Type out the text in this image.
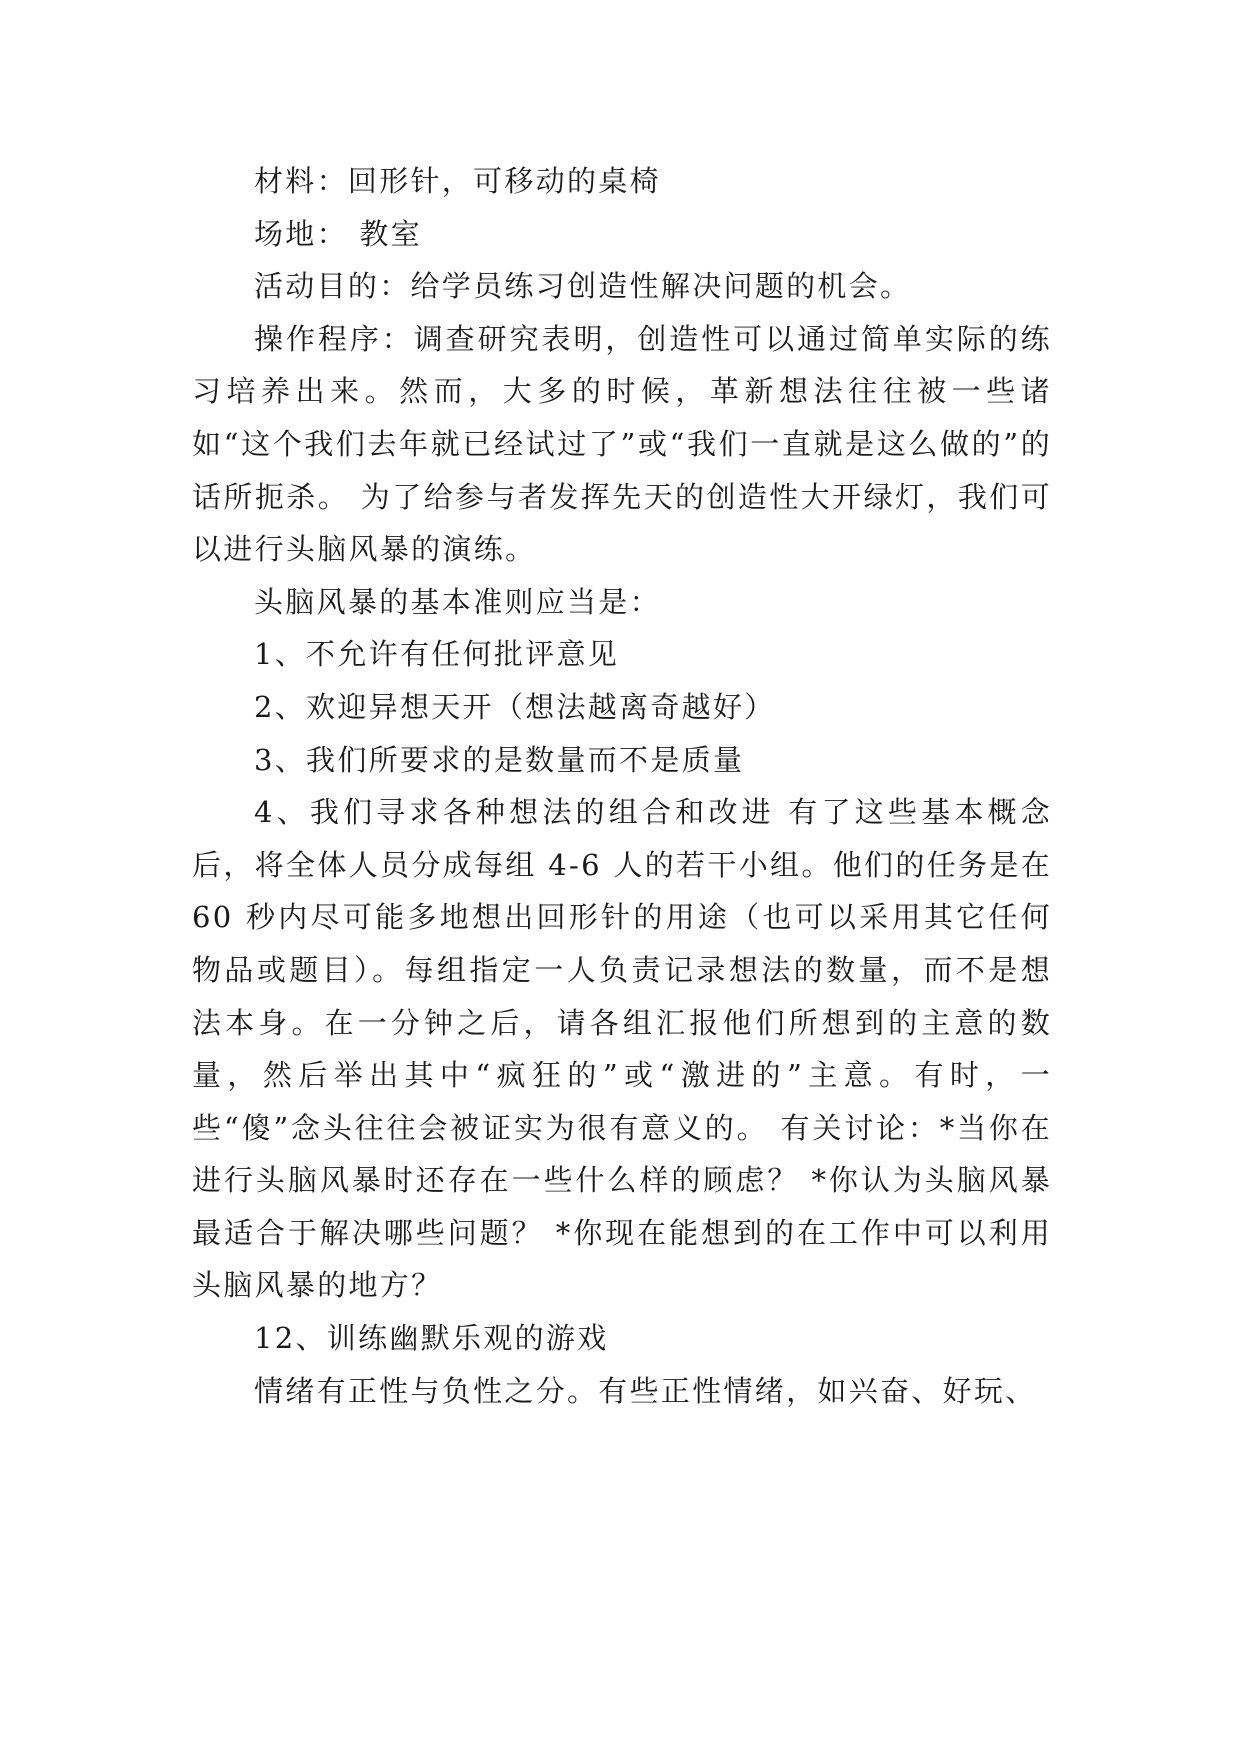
材料：回形针，可移动的桌椅

场地： 教室

活动目的：给学员练习创造性解决问题的机会。

操作程序：调查研究表明，创造性可以通过简单实际的练习培养出来。然而，大多的时候，革新想法往往被一些诸如“这个我们去年就已经试过了”或“我们一直就是这么做的”的话所扼杀。 为了给参与者发挥先天的创造性大开绿灯，我们可以进行头脑风暴的演练。

头脑风暴的基本准则应当是：

1、不允许有任何批评意见

2、欢迎异想天开（想法越离奇越好）

3、我们所要求的是数量而不是质量

4、我们寻求各种想法的组合和改进 有了这些基本概念后，将全体人员分成每组 4-6 人的若干小组。他们的任务是在 60 秒内尽可能多地想出回形针的用途（也可以采用其它任何物品或题目）。每组指定一人负责记录想法的数量，而不是想法本身。在一分钟之后，请各组汇报他们所想到的主意的数量，然后举出其中“疯狂的”或“激进的”主意。有时，一些“傻”念头往往会被证实为很有意义的。 有关讨论：*当你在进行头脑风暴时还存在一些什么样的顾虑？ *你认为头脑风暴最适合于解决哪些问题？ *你现在能想到的在工作中可以利用头脑风暴的地方？

12、训练幽默乐观的游戏

情绪有正性与负性之分。有些正性情绪，如兴奋、好玩、
